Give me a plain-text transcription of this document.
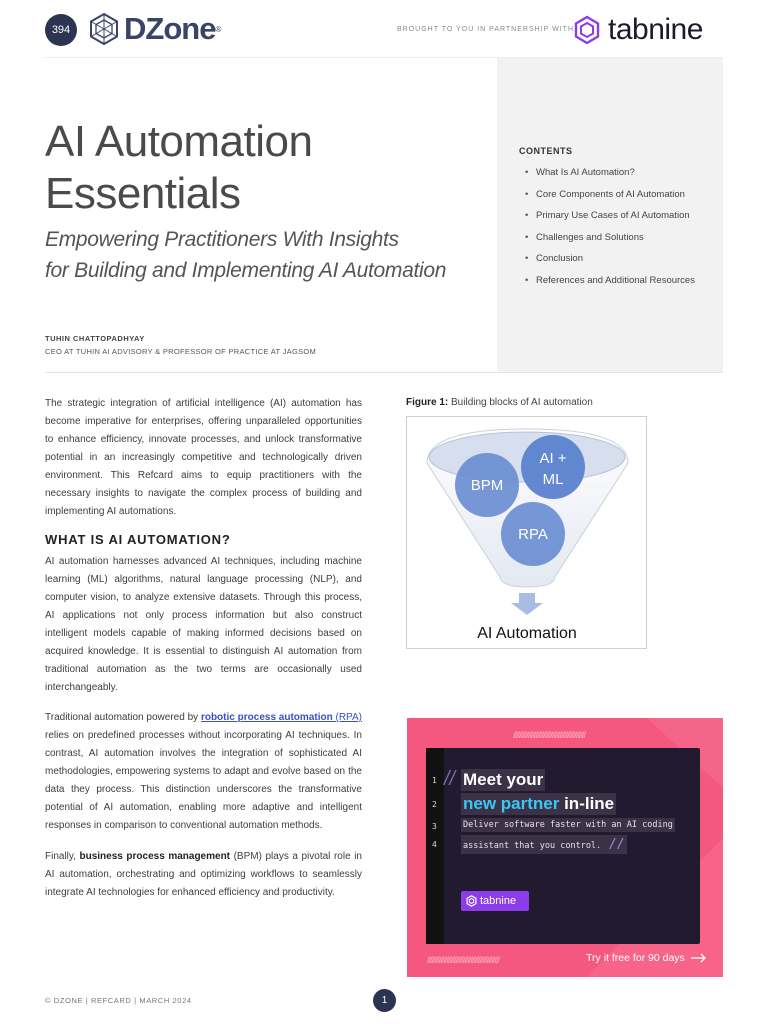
394 DZone ®	BROUGHT TO YOU IN PARTNERSHIP WITH tabnine
AI Automation
Essentials
Empowering Practitioners With Insights
for Building and Implementing AI Automation
TUHIN CHATTOPADHYAY
CEO AT TUHIN AI ADVISORY & PROFESSOR OF PRACTICE AT JAGSOM
CONTENTS
• What Is AI Automation?
• Core Components of AI Automation
• Primary Use Cases of AI Automation
• Challenges and Solutions
• Conclusion
• References and Additional Resources

The strategic integration of artificial intelligence (AI) automation has become imperative for enterprises, offering unparalleled opportunities to enhance efficiency, innovate processes, and unlock transformative potential in an increasingly competitive and technologically driven environment. This Refcard aims to equip practitioners with the necessary insights to navigate the complex process of building and implementing AI automations.

WHAT IS AI AUTOMATION?

AI automation harnesses advanced AI techniques, including machine learning (ML) algorithms, natural language processing (NLP), and computer vision, to analyze extensive datasets. Through this process, AI applications not only process information but also construct intelligent models capable of making informed decisions based on acquired knowledge. It is essential to distinguish AI automation from traditional automation as the two terms are occasionally used interchangeably.

Traditional automation powered by robotic process automation (RPA) relies on predefined processes without incorporating AI techniques. In contrast, AI automation involves the integration of sophisticated AI methodologies, empowering systems to adapt and evolve based on the data they process. This distinction underscores the transformative potential of AI automation, enabling more adaptive and intelligent responses in comparison to conventional automation methods.

Finally, business process management (BPM) plays a pivotal role in AI automation, orchestrating and optimizing workflows to seamlessly integrate AI technologies for enhanced efficiency and productivity.

Figure 1: Building blocks of AI automation
BPM
AI +
ML
RPA
AI Automation
////////////////////////////////////////////////
1
2
3
4
// Meet your
new partner in-line
Deliver software faster with an AI coding
assistant that you control. //
tabnine
////////////////////////////////////////////////	Try it free for 90 days
© DZONE | REFCARD | MARCH 2024	1
